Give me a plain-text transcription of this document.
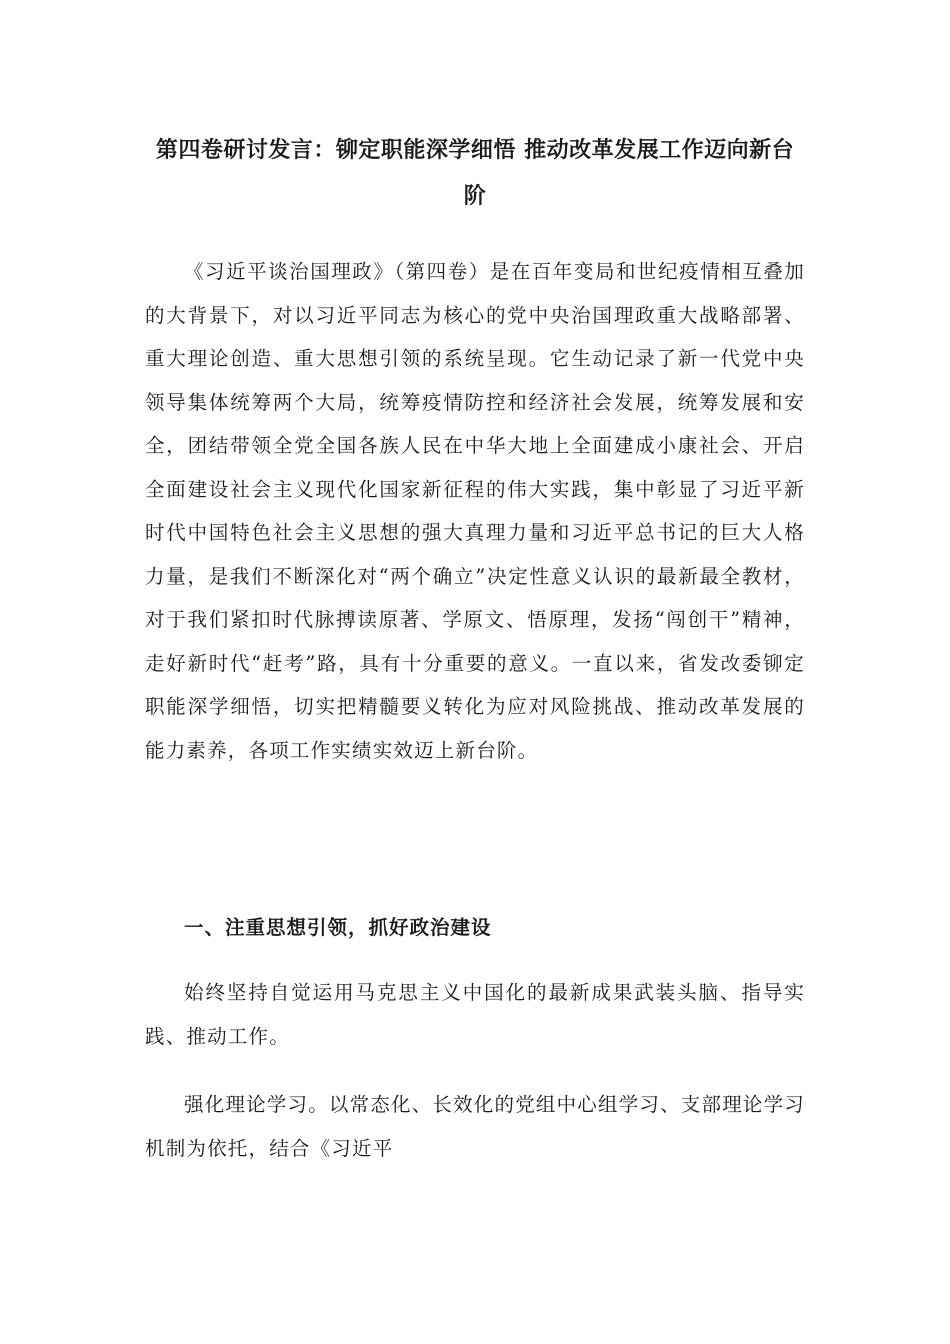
第四卷研讨发言：铆定职能深学细悟 推动改革发展工作迈向新台阶

《习近平谈治国理政》（第四卷）是在百年变局和世纪疫情相互叠加的大背景下，对以习近平同志为核心的党中央治国理政重大战略部署、重大理论创造、重大思想引领的系统呈现。它生动记录了新一代党中央领导集体统筹两个大局，统筹疫情防控和经济社会发展，统筹发展和安全，团结带领全党全国各族人民在中华大地上全面建成小康社会、开启全面建设社会主义现代化国家新征程的伟大实践，集中彰显了习近平新时代中国特色社会主义思想的强大真理力量和习近平总书记的巨大人格力量，是我们不断深化对“两个确立”决定性意义认识的最新最全教材，对于我们紧扣时代脉搏读原著、学原文、悟原理，发扬“闯创干”精神，走好新时代“赶考”路，具有十分重要的意义。一直以来，省发改委铆定职能深学细悟，切实把精髓要义转化为应对风险挑战、推动改革发展的能力素养，各项工作实绩实效迈上新台阶。

一、注重思想引领，抓好政治建设

始终坚持自觉运用马克思主义中国化的最新成果武装头脑、指导实践、推动工作。

强化理论学习。以常态化、长效化的党组中心组学习、支部理论学习机制为依托，结合《习近平
